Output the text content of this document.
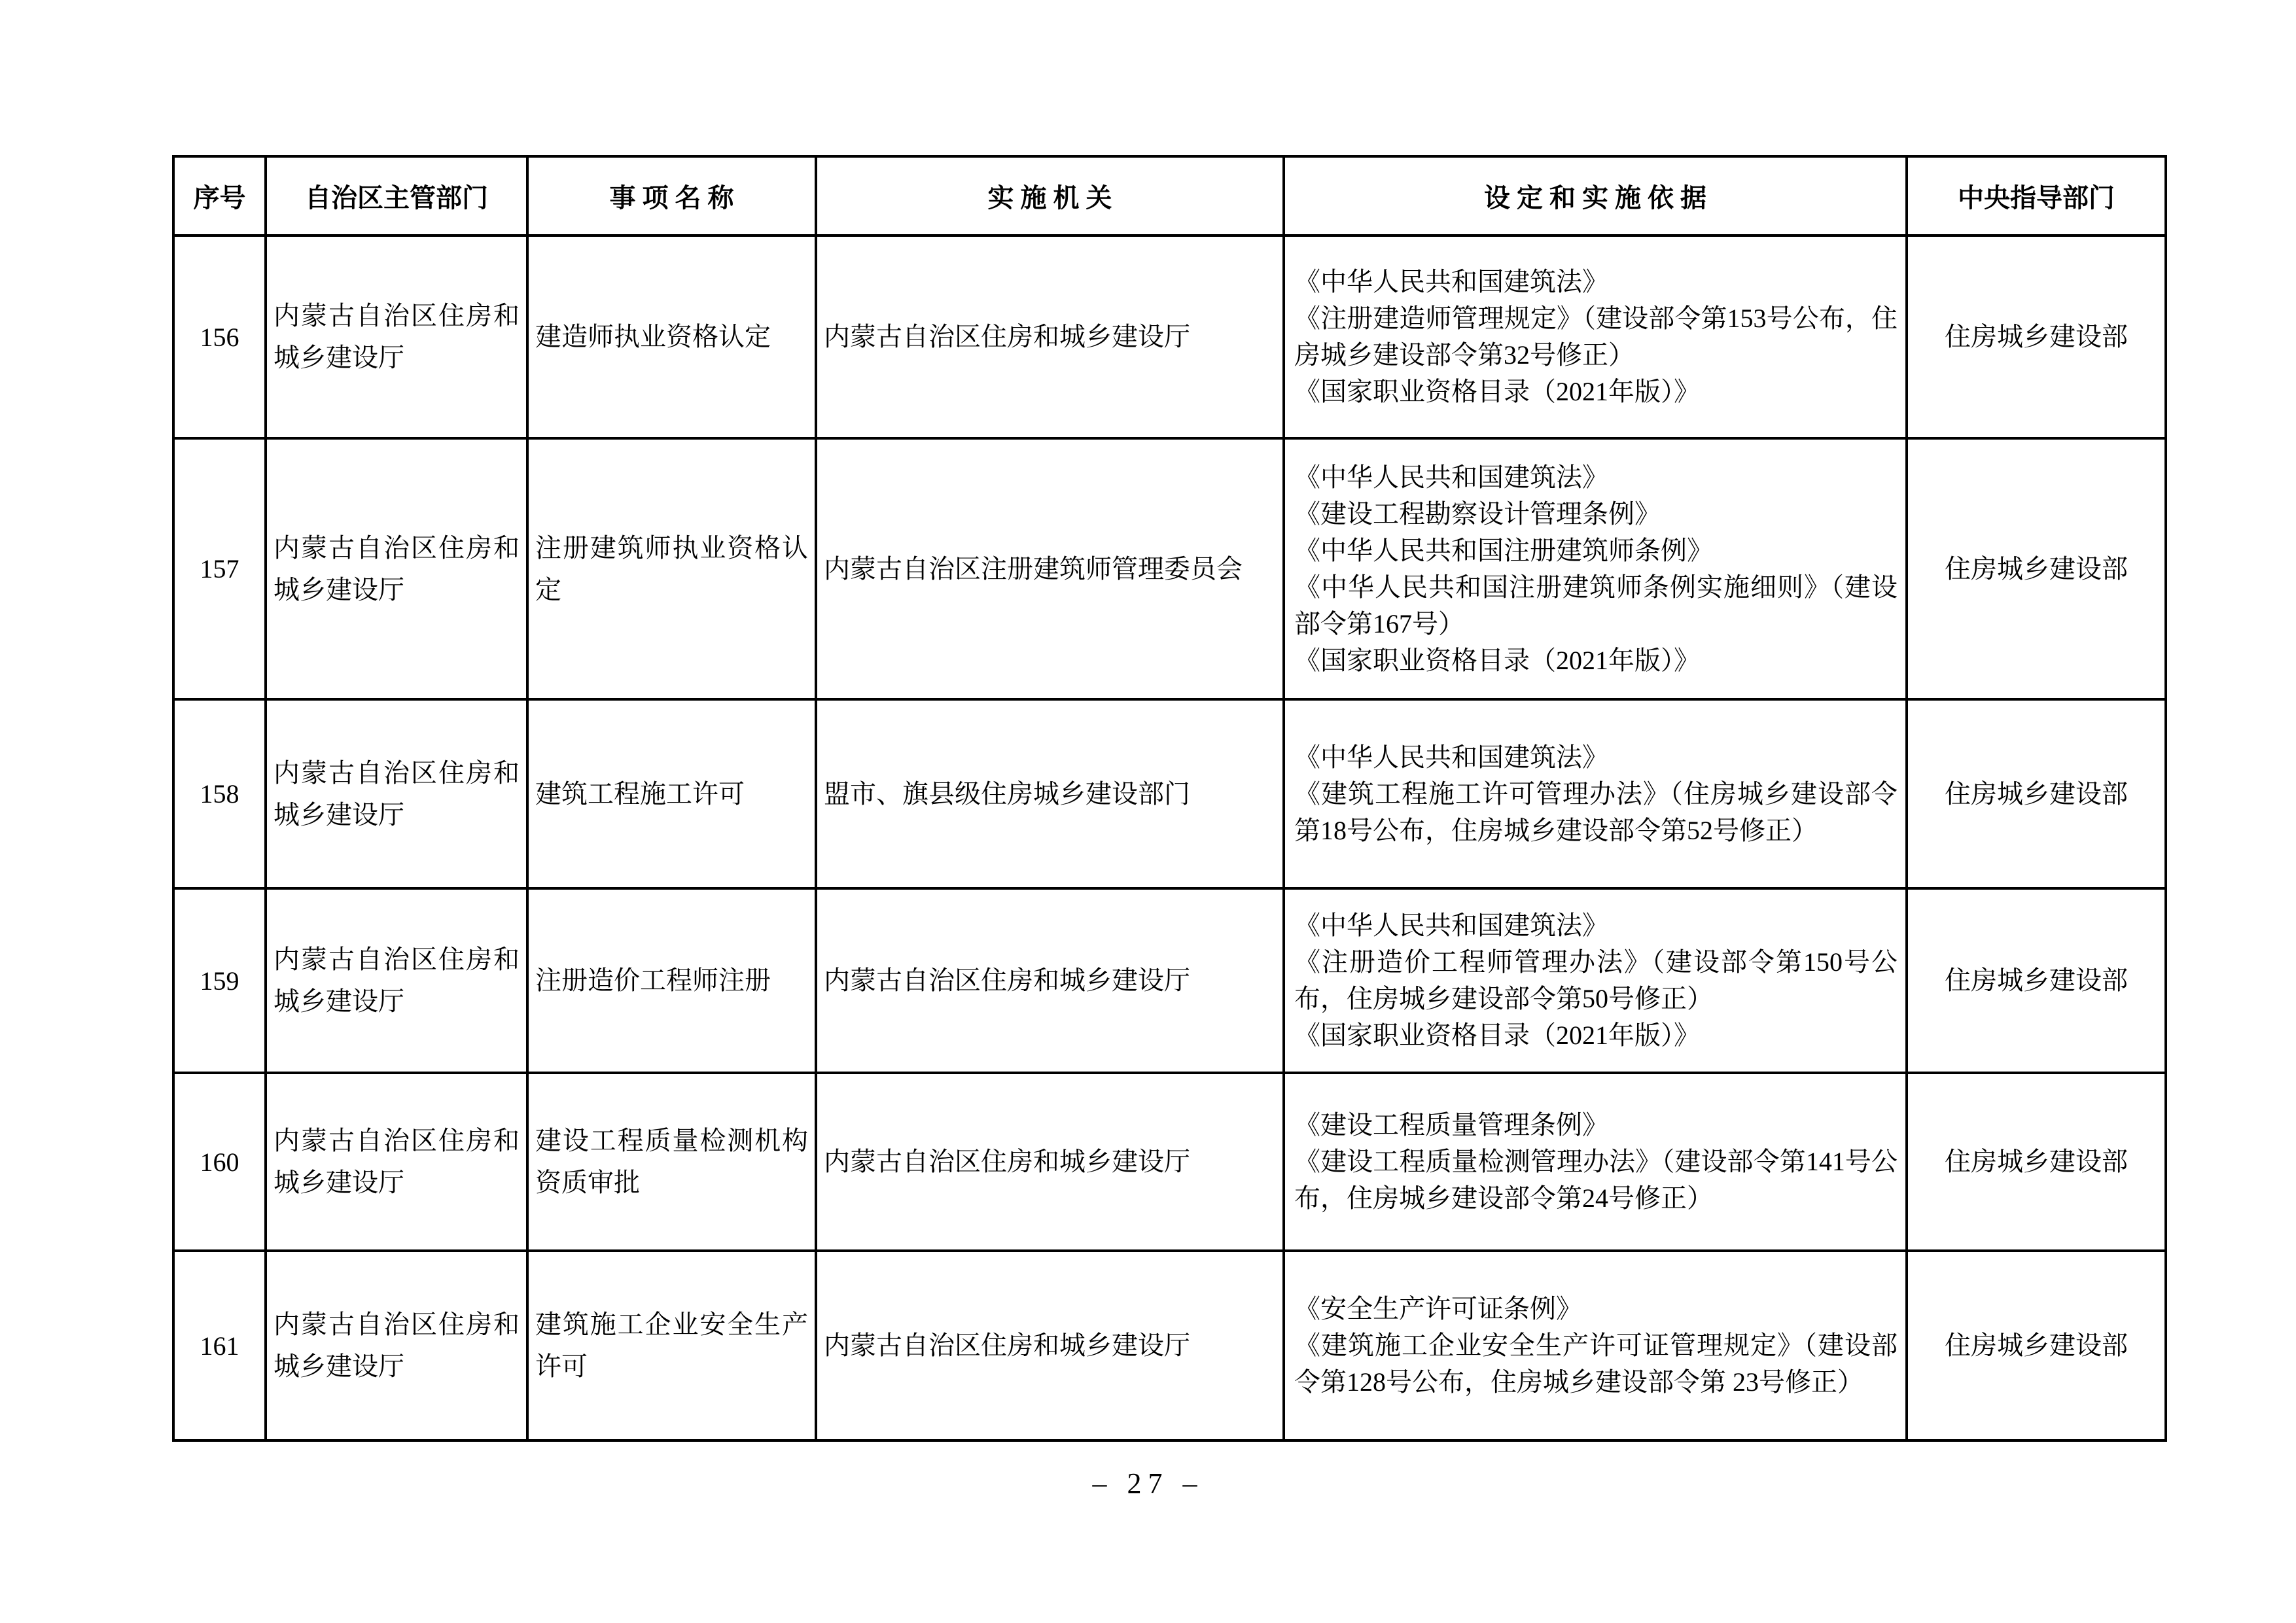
序号	自治区主管部门	事 项 名 称	实 施 机 关	设 定 和 实 施 依 据	中央指导部门
156	内蒙古自治区住房和城乡建设厅	建造师执业资格认定	内蒙古自治区住房和城乡建设厅	《中华人民共和国建筑法》
《注册建造师管理规定》（建设部令第153号公布，住房城乡建设部令第32号修正）
《国家职业资格目录（2021年版）》	住房城乡建设部
157	内蒙古自治区住房和城乡建设厅	注册建筑师执业资格认定	内蒙古自治区注册建筑师管理委员会	《中华人民共和国建筑法》
《建设工程勘察设计管理条例》
《中华人民共和国注册建筑师条例》
《中华人民共和国注册建筑师条例实施细则》（建设部令第167号）
《国家职业资格目录（2021年版）》	住房城乡建设部
158	内蒙古自治区住房和城乡建设厅	建筑工程施工许可	盟市、旗县级住房城乡建设部门	《中华人民共和国建筑法》
《建筑工程施工许可管理办法》（住房城乡建设部令第18号公布，住房城乡建设部令第52号修正）	住房城乡建设部
159	内蒙古自治区住房和城乡建设厅	注册造价工程师注册	内蒙古自治区住房和城乡建设厅	《中华人民共和国建筑法》
《注册造价工程师管理办法》（建设部令第150号公布，住房城乡建设部令第50号修正）
《国家职业资格目录（2021年版）》	住房城乡建设部
160	内蒙古自治区住房和城乡建设厅	建设工程质量检测机构资质审批	内蒙古自治区住房和城乡建设厅	《建设工程质量管理条例》
《建设工程质量检测管理办法》（建设部令第141号公布，住房城乡建设部令第24号修正）	住房城乡建设部
161	内蒙古自治区住房和城乡建设厅	建筑施工企业安全生产许可	内蒙古自治区住房和城乡建设厅	《安全生产许可证条例》
《建筑施工企业安全生产许可证管理规定》（建设部令第128号公布，住房城乡建设部令第 23号修正）	住房城乡建设部
– 27 –
